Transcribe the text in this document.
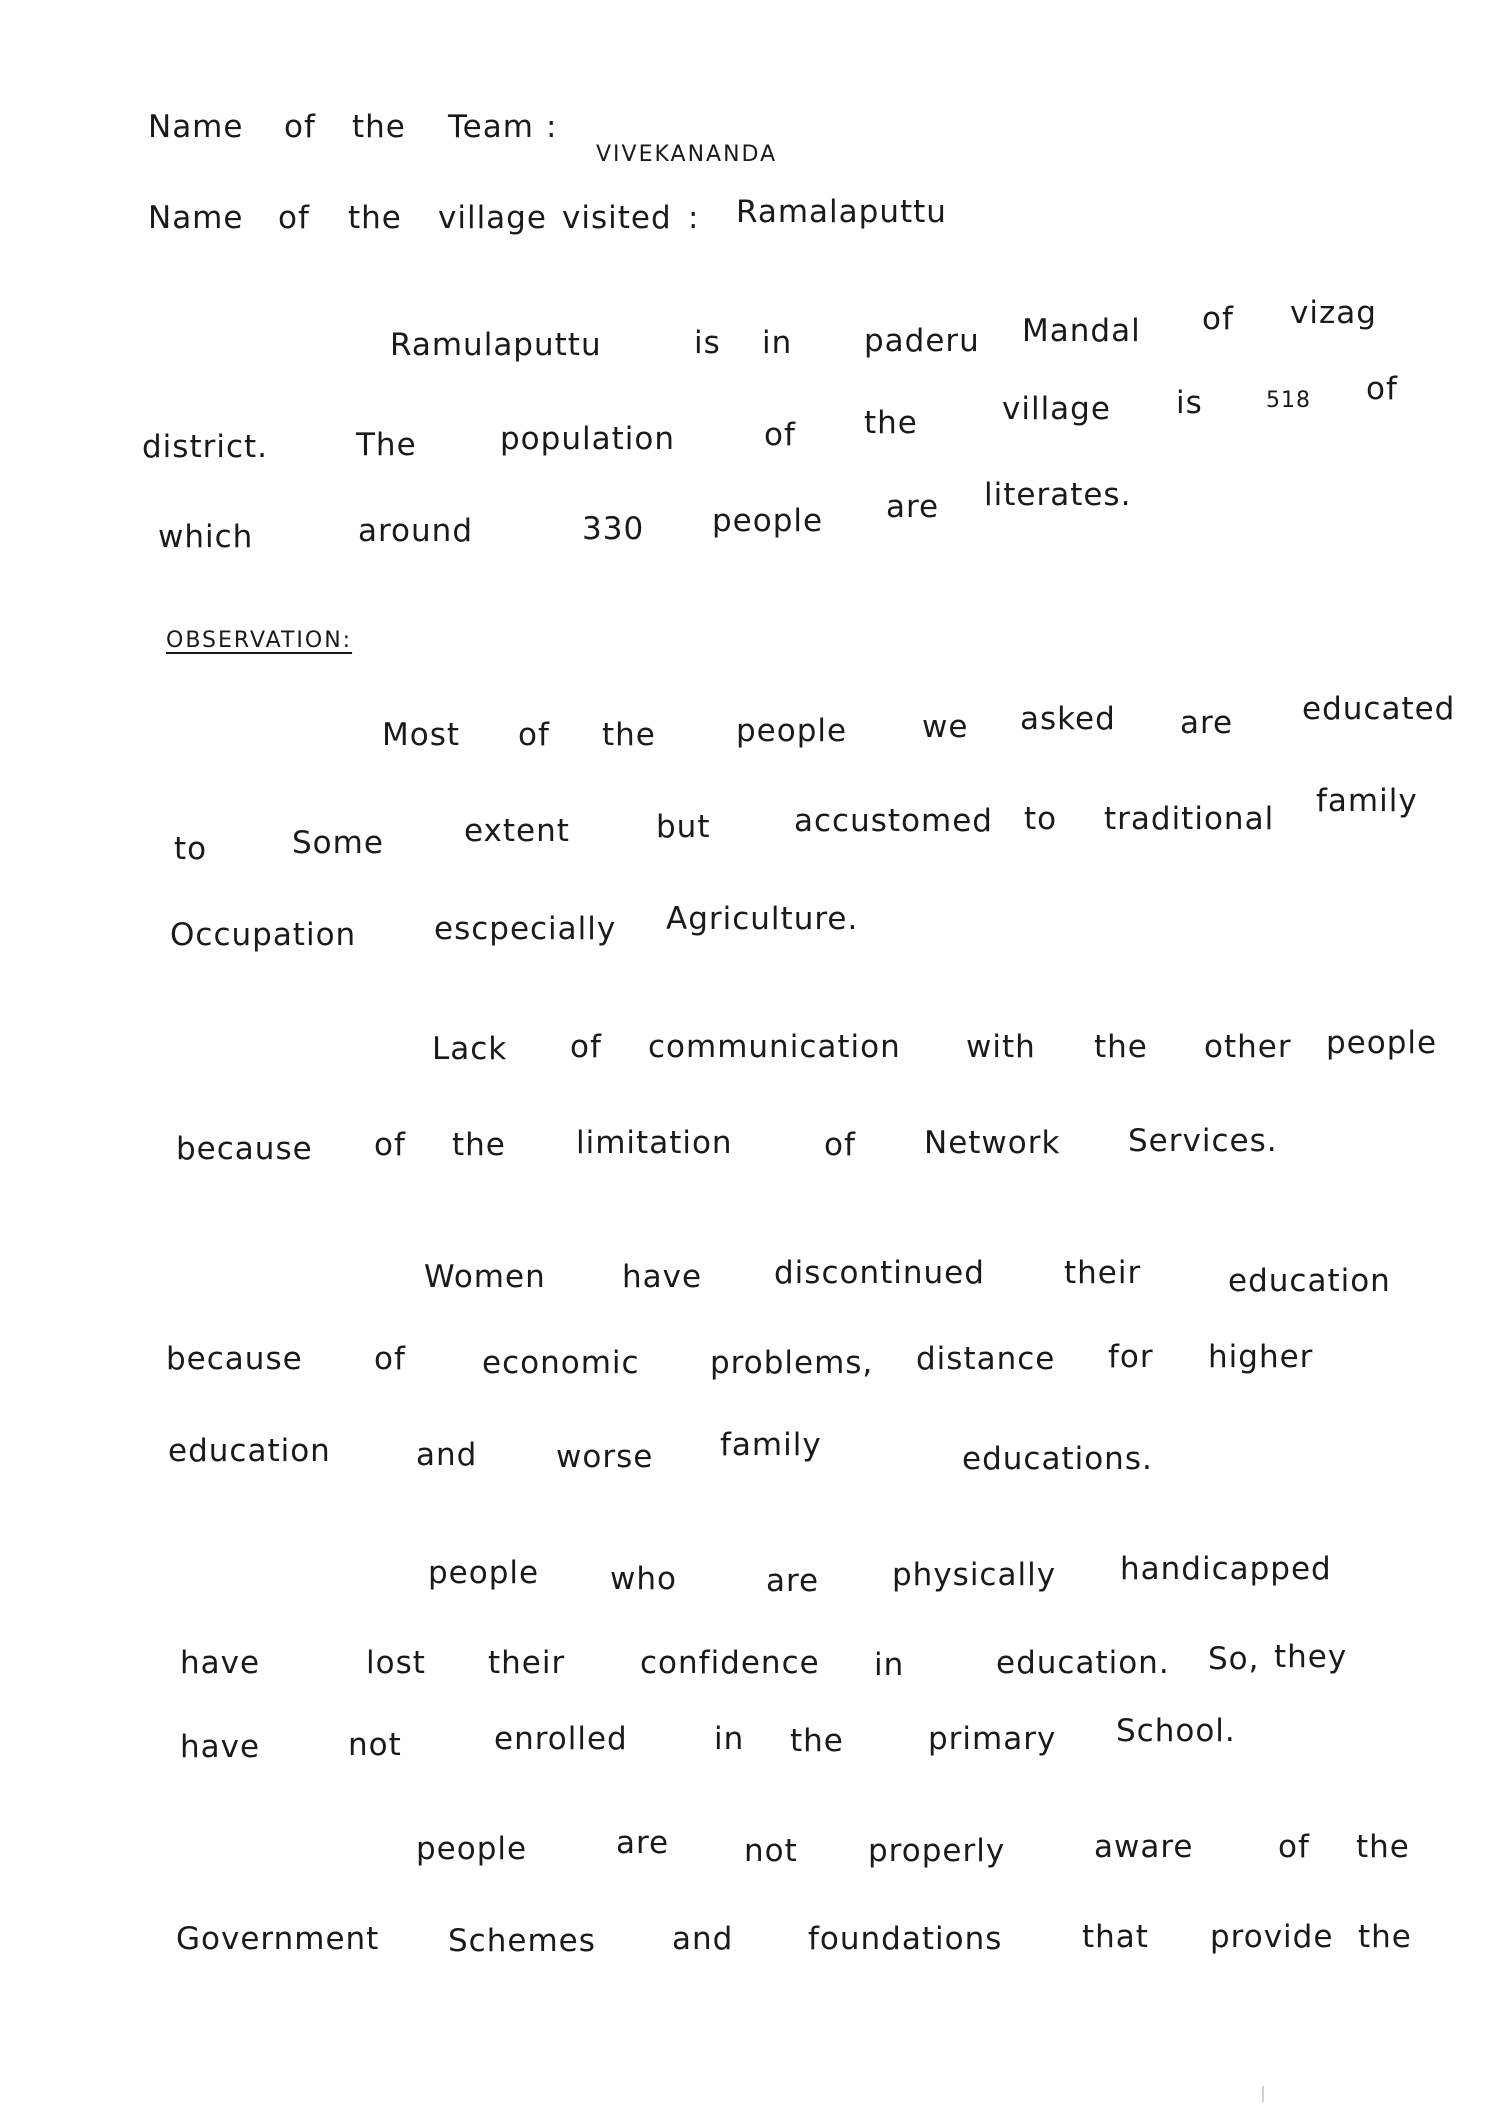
Name of the Team :
VIVEKANANDA
Name of the village visited : Ramalaputtu
Ramulaputtu	is in paderu Mandal of vizag
district.	The	population	of the	village is	518 of
which	around	330 people are literates.
OBSERVATION:
Most of the	people we asked are educated
to	Some	extent	but	accustomed to traditional family
Occupation	escpecially Agriculture.
Lack of communication with the other people
because of the limitation	of Network Services.
Women have discontinued	their	education
because of economic problems, distance for higher
education	and	worse family	educations.
people who	are physically handicapped
have	lost their confidence in	education. So, they
have	not	enrolled	in the	primary School.
people	are not properly	aware	of the
Government Schemes and foundations	that provide the
